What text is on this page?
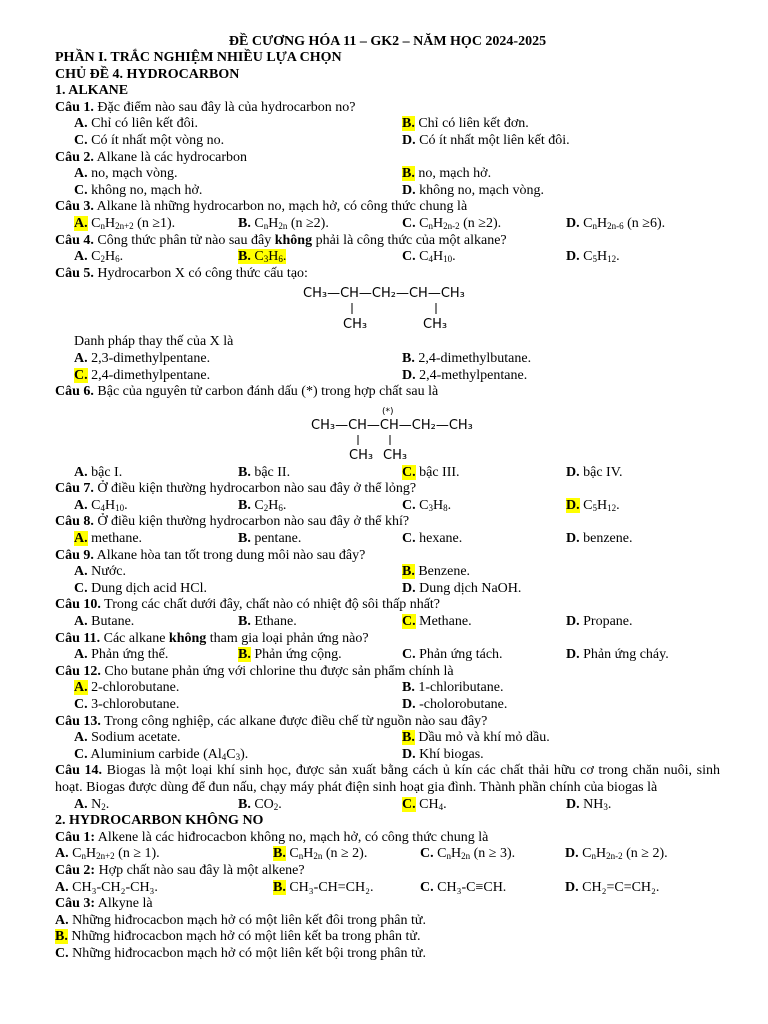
ĐỀ CƯƠNG HÓA 11 – GK2 – NĂM HỌC 2024-2025
PHẦN I. TRẮC NGHIỆM NHIỀU LỰA CHỌN
CHỦ ĐỀ 4. HYDROCARBON
1. ALKANE
Câu 1. Đặc điểm nào sau đây là của hydrocarbon no?
A. Chỉ có liên kết đôi.	B. Chỉ có liên kết đơn.
C. Có ít nhất một vòng no.	D. Có ít nhất một liên kết đôi.
Câu 2. Alkane là các hydrocarbon
A. no, mạch vòng.	B. no, mạch hở.
C. không no, mạch hở.	D. không no, mạch vòng.
Câu 3. Alkane là những hydrocarbon no, mạch hở, có công thức chung là
A. $C_nH_{2n+2}$ (n ≥1).	B. $C_nH_{2n}$ (n ≥2).	C. $C_nH_{2n-2}$ (n ≥2).	D. $C_nH_{2n-6}$ (n ≥6).
Câu 4. Công thức phân tử nào sau đây không phải là công thức của một alkane?
A. $C_2H_6$.	B. $C_3H_6$.	C. $C_4H_{10}$.	D. $C_5H_{12}$.
Câu 5. Hydrocarbon X có công thức cấu tạo:
CH₃—CH—CH₂—CH—CH₃
CH₃	CH₃
Danh pháp thay thế của X là
A. 2,3-dimethylpentane.	B. 2,4-dimethylbutane.
C. 2,4-dimethylpentane.	D. 2,4-methylpentane.
Câu 6. Bậc của nguyên tử carbon đánh dấu (*) trong hợp chất sau là
(*)
CH₃—CH—CH—CH₂—CH₃
CH₃ CH₃
A. bậc I.	B. bậc II.	C. bậc III.	D. bậc IV.
Câu 7. Ở điều kiện thường hydrocarbon nào sau đây ở thể lỏng?
A. $C_4H_{10}$.	B. $C_2H_6$.	C. $C_3H_8$.	D. $C_5H_{12}$.
Câu 8. Ở điều kiện thường hydrocarbon nào sau đây ở thể khí?
A. methane.	B. pentane.	C. hexane.	D. benzene.
Câu 9. Alkane hòa tan tốt trong dung môi nào sau đây?
A. Nước.	B. Benzene.
C. Dung dịch acid HCl.	D. Dung dịch NaOH.
Câu 10. Trong các chất dưới đây, chất nào có nhiệt độ sôi thấp nhất?
A. Butane.	B. Ethane.	C. Methane.	D. Propane.
Câu 11. Các alkane không tham gia loại phản ứng nào?
A. Phản ứng thế.	B. Phản ứng cộng.	C. Phản ứng tách.	D. Phản ứng cháy.
Câu 12. Cho butane phản ứng với chlorine thu được sản phẩm chính là
A. 2-chlorobutane.	B. 1-chloributane.
C. 3-chlorobutane.	D. -cholorobutane.
Câu 13. Trong công nghiệp, các alkane được điều chế từ nguồn nào sau đây?
A. Sodium acetate.	B. Dầu mỏ và khí mỏ dầu.
C. Aluminium carbide $(Al_4C_3)$.	D. Khí biogas.
Câu 14. Biogas là một loại khí sinh học, được sản xuất bằng cách ủ kín các chất thải hữu cơ trong chăn nuôi, sinh hoạt. Biogas được dùng để đun nấu, chạy máy phát điện sinh hoạt gia đình. Thành phần chính của biogas là
A. $N_2$.	B. $CO_2$.	C. $CH_4$.	D. $NH_3$.
2. HYDROCARBON KHÔNG NO
Câu 1: Alkene là các hiđrocacbon không no, mạch hở, có công thức chung là
A. $C_nH_{2n+2}$ (n ≥ 1).	B. $C_nH_{2n}$ (n ≥ 2).	C. $C_nH_{2n}$ (n ≥ 3).	D. $C_nH_{2n-2}$ (n ≥ 2).
Câu 2: Hợp chất nào sau đây là một alkene?
A. CH₃-CH₂-CH₃.	B. CH₃-CH=CH₂.	C. CH₃-C≡CH.	D. CH₂=C=CH₂.
Câu 3: Alkyne là
A. Những hiđrocacbon mạch hở có một liên kết đôi trong phân tử.
B. Những hiđrocacbon mạch hở có một liên kết ba trong phân tử.
C. Những hiđrocacbon mạch hở có một liên kết bội trong phân tử.
